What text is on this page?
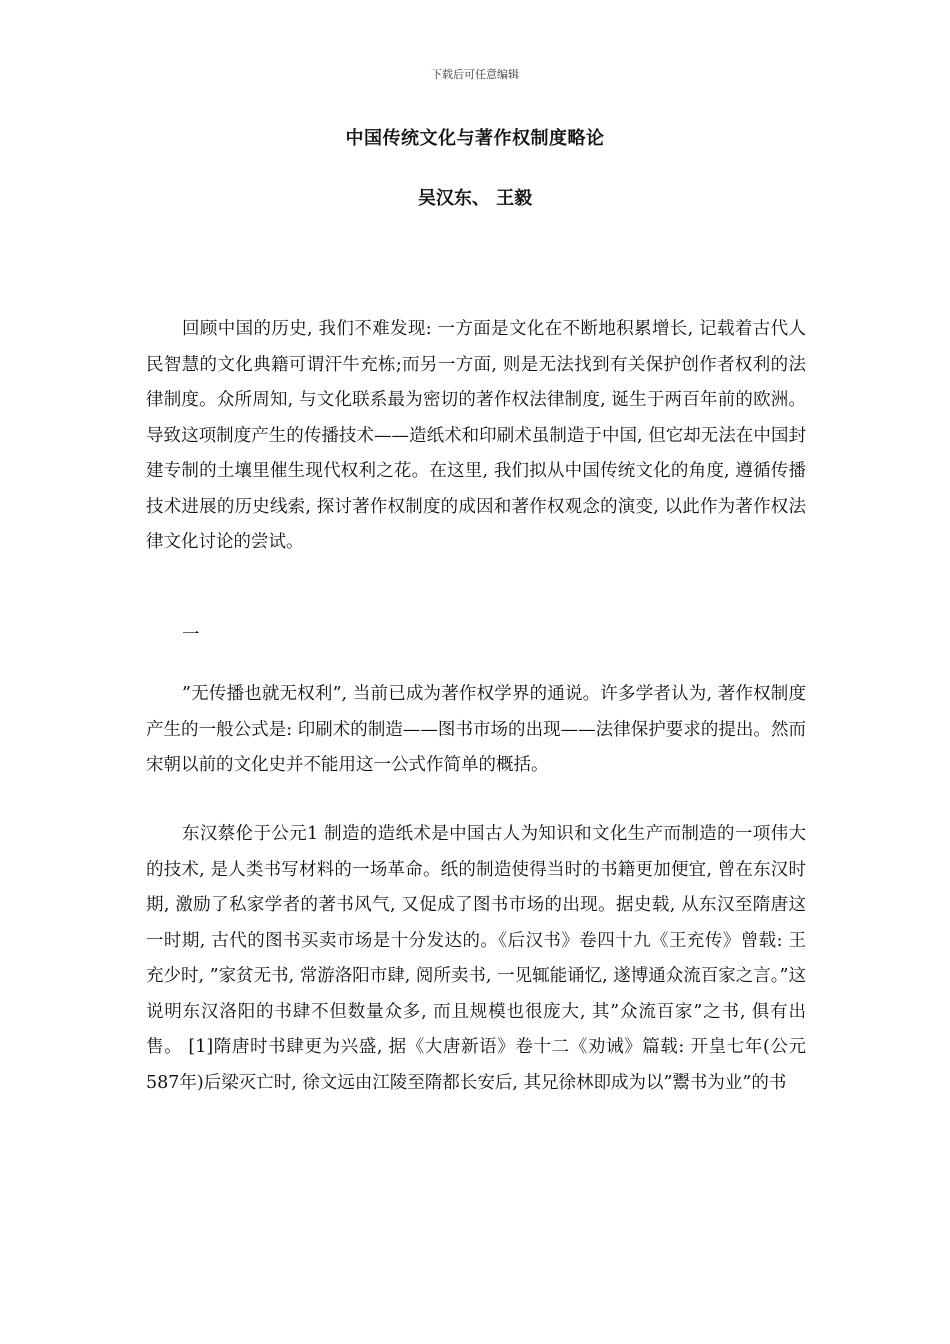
下载后可任意编辑
中国传统文化与著作权制度略论
吴汉东、 王毅

回顾中国的历史, 我们不难发现: 一方面是文化在不断地积累增长, 记载着古代人民智慧的文化典籍可谓汗牛充栋;而另一方面, 则是无法找到有关保护创作者权利的法律制度。众所周知, 与文化联系最为密切的著作权法律制度, 诞生于两百年前的欧洲。导致这项制度产生的传播技术——造纸术和印刷术虽制造于中国, 但它却无法在中国封建专制的土壤里催生现代权利之花。在这里, 我们拟从中国传统文化的角度, 遵循传播技术进展的历史线索, 探讨著作权制度的成因和著作权观念的演变, 以此作为著作权法律文化讨论的尝试。

一

”无传播也就无权利”, 当前已成为著作权学界的通说。许多学者认为, 著作权制度产生的一般公式是: 印刷术的制造——图书市场的出现——法律保护要求的提出。然而宋朝以前的文化史并不能用这一公式作简单的概括。

东汉蔡伦于公元1 制造的造纸术是中国古人为知识和文化生产而制造的一项伟大的技术, 是人类书写材料的一场革命。纸的制造使得当时的书籍更加便宜, 曾在东汉时期, 激励了私家学者的著书风气, 又促成了图书市场的出现。据史载, 从东汉至隋唐这一时期, 古代的图书买卖市场是十分发达的。《后汉书》卷四十九《王充传》曾载: 王充少时, ”家贫无书, 常游洛阳市肆, 阅所卖书, 一见辄能诵忆, 遂博通众流百家之言。”这说明东汉洛阳的书肆不但数量众多, 而且规模也很庞大, 其”众流百家”之书, 俱有出售。 [1]隋唐时书肆更为兴盛, 据《大唐新语》卷十二《劝诫》篇载: 开皇七年(公元587年)后梁灭亡时, 徐文远由江陵至隋都长安后, 其兄徐林即成为以”鬻书为业”的书
